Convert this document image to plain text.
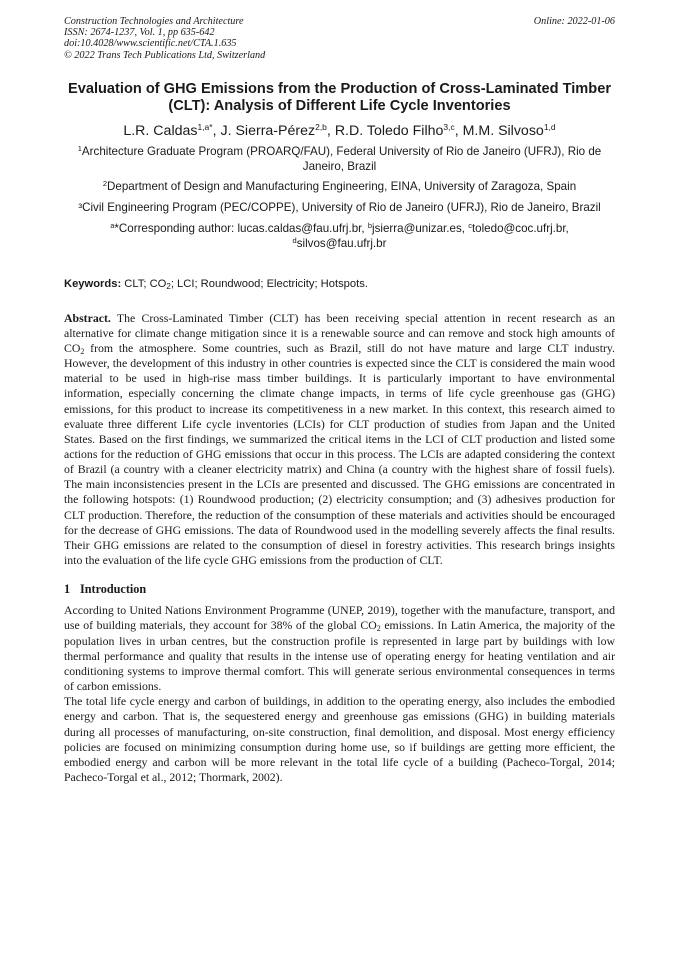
Construction Technologies and Architecture
ISSN: 2674-1237, Vol. 1, pp 635-642
doi:10.4028/www.scientific.net/CTA.1.635
© 2022 Trans Tech Publications Ltd, Switzerland
Online: 2022-01-06
Evaluation of GHG Emissions from the Production of Cross-Laminated Timber (CLT): Analysis of Different Life Cycle Inventories
L.R. Caldas$^{1,a*}$, J. Sierra-Pérez$^{2,b}$, R.D. Toledo Filho$^{3,c}$, M.M. Silvoso$^{1,d}$
$^1$Architecture Graduate Program (PROARQ/FAU), Federal University of Rio de Janeiro (UFRJ), Rio de Janeiro, Brazil
$^2$Department of Design and Manufacturing Engineering, EINA, University of Zaragoza, Spain
³Civil Engineering Program (PEC/COPPE), University of Rio de Janeiro (UFRJ), Rio de Janeiro, Brazil
$^a$*Corresponding author: lucas.caldas@fau.ufrj.br, $^b$jsierra@unizar.es, $^c$toledo@coc.ufrj.br,
$^d$silvos@fau.ufrj.br
Keywords: CLT; $CO_2$; LCI; Roundwood; Electricity; Hotspots.
Abstract. The Cross-Laminated Timber (CLT) has been receiving special attention in recent research as an alternative for climate change mitigation since it is a renewable source and can remove and stock high amounts of $CO_2$ from the atmosphere. Some countries, such as Brazil, still do not have mature and large CLT industry. However, the development of this industry in other countries is expected since the CLT is considered the main wood material to be used in high-rise mass timber buildings. It is particularly important to have environmental information, especially concerning the climate change impacts, in terms of life cycle greenhouse gas (GHG) emissions, for this product to increase its competitiveness in a new market. In this context, this research aimed to evaluate three different Life cycle inventories (LCIs) for CLT production of studies from Japan and the United States. Based on the first findings, we summarized the critical items in the LCI of CLT production and listed some actions for the reduction of GHG emissions that occur in this process. The LCIs are adapted considering the context of Brazil (a country with a cleaner electricity matrix) and China (a country with the highest share of fossil fuels). The main inconsistencies present in the LCIs are presented and discussed. The GHG emissions are concentrated in the following hotspots: (1) Roundwood production; (2) electricity consumption; and (3) adhesives production for CLT production. Therefore, the reduction of the consumption of these materials and activities should be encouraged for the decrease of GHG emissions. The data of Roundwood used in the modelling severely affects the final results. Their GHG emissions are related to the consumption of diesel in forestry activities. This research brings insights into the evaluation of the life cycle GHG emissions from the production of CLT.
1 Introduction
According to United Nations Environment Programme (UNEP, 2019), together with the manufacture, transport, and use of building materials, they account for 38% of the global $CO_2$ emissions. In Latin America, the majority of the population lives in urban centres, but the construction profile is represented in large part by buildings with low thermal performance and quality that results in the intense use of operating energy for heating ventilation and air conditioning systems to improve thermal comfort. This will generate serious environmental consequences in terms of carbon emissions.
The total life cycle energy and carbon of buildings, in addition to the operating energy, also includes the embodied energy and carbon. That is, the sequestered energy and greenhouse gas emissions (GHG) in building materials during all processes of manufacturing, on-site construction, final demolition, and disposal. Most energy efficiency policies are focused on minimizing consumption during home use, so if buildings are getting more efficient, the embodied energy and carbon will be more relevant in the total life cycle of a building (Pacheco-Torgal, 2014; Pacheco-Torgal et al., 2012; Thormark, 2002).
